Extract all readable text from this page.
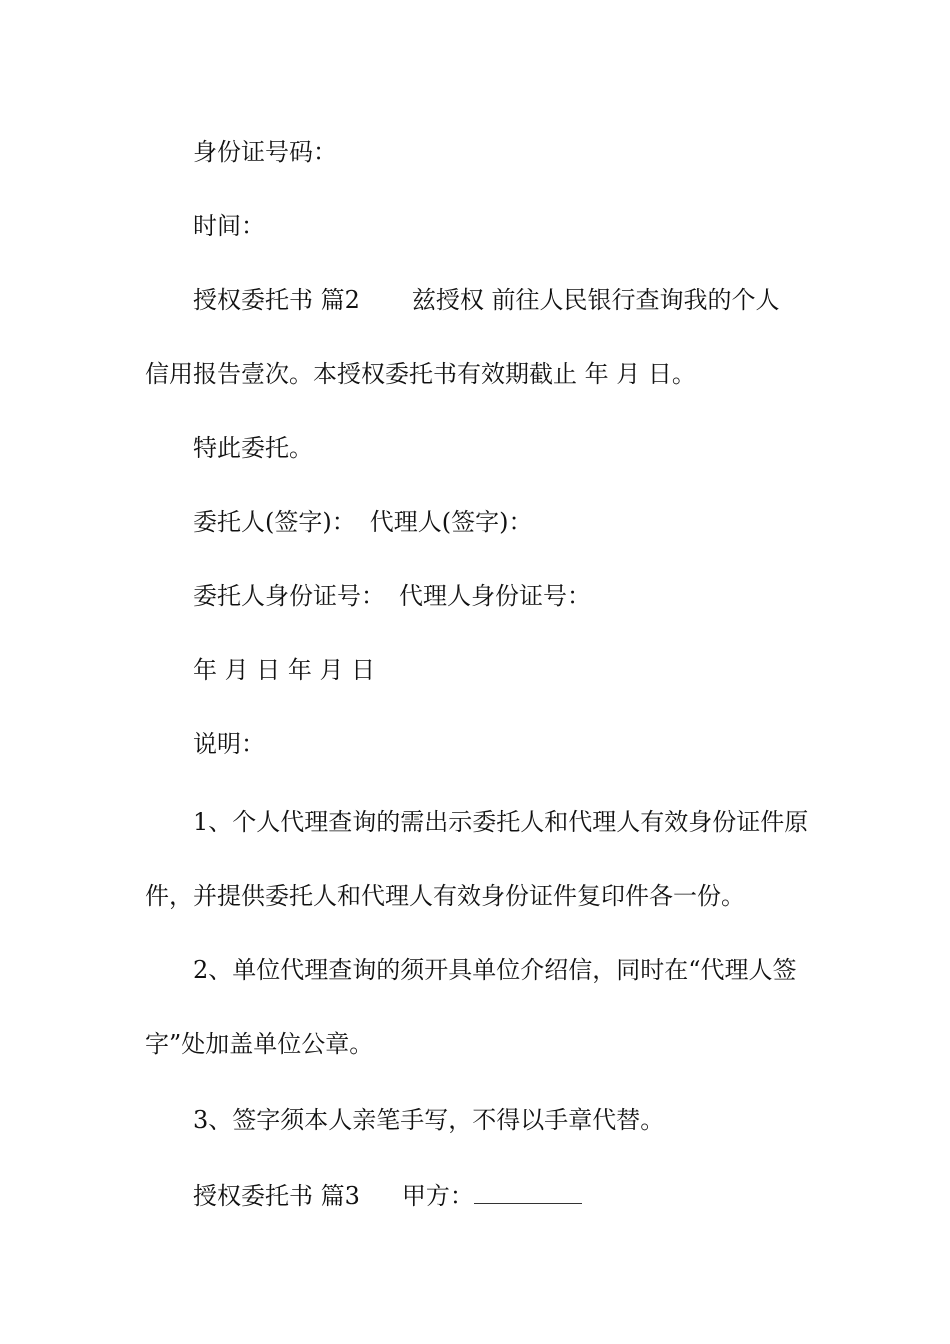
身份证号码：
时间：
授权委托书 篇2 兹授权 前往人民银行查询我的个人
信用报告壹次。本授权委托书有效期截止 年 月 日。
特此委托。
委托人(签字)： 代理人(签字)：
委托人身份证号： 代理人身份证号：
年 月 日 年 月 日
说明：
1、个人代理查询的需出示委托人和代理人有效身份证件原
件，并提供委托人和代理人有效身份证件复印件各一份。
2、单位代理查询的须开具单位介绍信，同时在“代理人签
字”处加盖单位公章。
3、签字须本人亲笔手写，不得以手章代替。
授权委托书 篇3 甲方：
